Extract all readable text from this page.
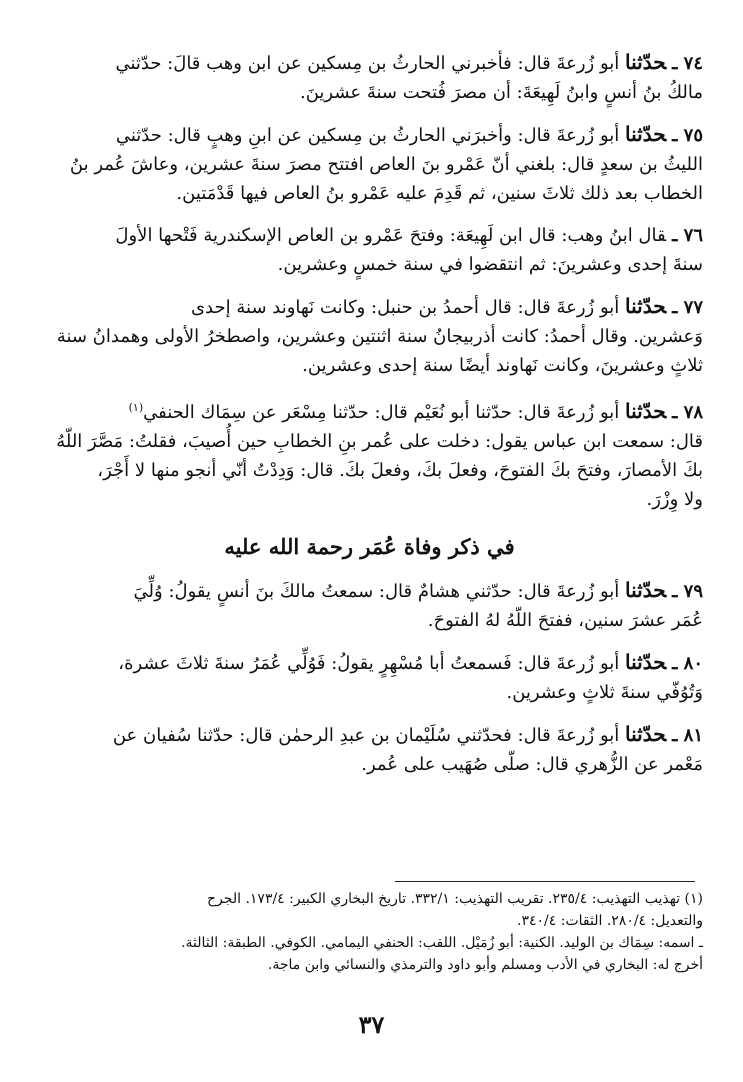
٧٤ ـحدّثنا أبو زُرعةَ قال: فأخبرني الحارثُ بن مِسكين عن ابن وهب قالَ: حدّثني
مالكُ بنُ أنسٍ وابنُ لَهِيعَةَ: أن مصرَ فُتحت سنةَ عشرينَ.
٧٥ ـحدّثنا أبو زُرعةَ قال: وأخبرَني الحارثُ بن مِسكين عن ابنِ وهبٍ قال: حدّثني
الليثُ بن سعدٍ قال: بلغني أنّ عَمْرو بنَ العاص افتتح مصرَ سنةَ عشرين، وعاشَ عُمر بنُ
الخطاب بعد ذلك ثلاثَ سنين، ثم قَدِمَ عليه عَمْرو بنُ العاص فيها قَدْمَتين.
٧٦ ـقال ابنُ وهب: قال ابن لَهِيعَة: وفتحَ عَمْرو بن العاص الإسكندرية فَتْحها الأولَ
سنةَ إحدى وعشرينَ: ثم انتقضوا في سنة خمسٍ وعشرين.
٧٧ ـحدّثنا أبو زُرعةَ قال: قال أحمدُ بن حنبل: وكانت نَهاوند سنة إحدى
وَعشرين. وقال أحمدُ: كانت أذربيجانُ سنة اثنتين وعشرين، واصطخرُ الأولى وهمدانُ سنة
ثلاثٍ وعشرينَ، وكانت نَهاوند أيضًا سنة إحدى وعشرين.
٧٨ ـحدّثنا أبو زُرعةَ قال: حدّثنا أبو نُعَيْم قال: حدّثنا مِسْعَر عن سِمَاك الحنفي$^{(١)}$
قال: سمعت ابن عباس يقول: دخلت على عُمر بنِ الخطابِ حين أُصيبَ، فقلتُ: مَصَّرَ اللّهُ
بكَ الأمصارَ، وفتحَ بكَ الفتوحَ، وفعلَ بكَ، وفعلَ بكَ. قال: وَدِدْتُ أنّي أنجو منها لا أَجْرَ،
ولا وِزْرَ.
في ذكر وفاة عُمَر رحمة الله عليه
٧٩ ـحدّثنا أبو زُرعةَ قال: حدّثني هشامٌ قال: سمعتُ مالكَ بنَ أنسٍ يقولُ: وُلِّيَ
عُمَر عشرَ سنين، ففتحَ اللّهُ لهُ الفتوحَ.
٨٠ ـحدّثنا أبو زُرعةَ قال: فَسمعتُ أبا مُسْهِرٍ يقولُ: فَوُلِّي عُمَرُ سنةَ ثلاثَ عشرة،
وَتُوُفّي سنةَ ثلاثٍ وعشرين.
٨١ ـحدّثنا أبو زُرعةَ قال: فحدّثني سُلَيْمان بن عبدِ الرحمٰن قال: حدّثنا سُفيان عن
مَعْمر عن الزُّهري قال: صلّى صُهَيب على عُمر.
(١) تهذيب التهذيب: ٢٣٥/٤. تقريب التهذيب: ٣٣٢/١. تاريخ البخاري الكبير: ١٧٣/٤. الجرح
والتعديل: ٢٨٠/٤. الثقات: ٣٤٠/٤.
ـ اسمه: سِمَاك بن الوليد. الكنية: أبو زُمَيْل. اللقب: الحنفي اليمامي. الكوفي. الطبقة: الثالثة.
أخرج له: البخاري في الأدب ومسلم وأبو داود والترمذي والنسائي وابن ماجة.
٣٧
